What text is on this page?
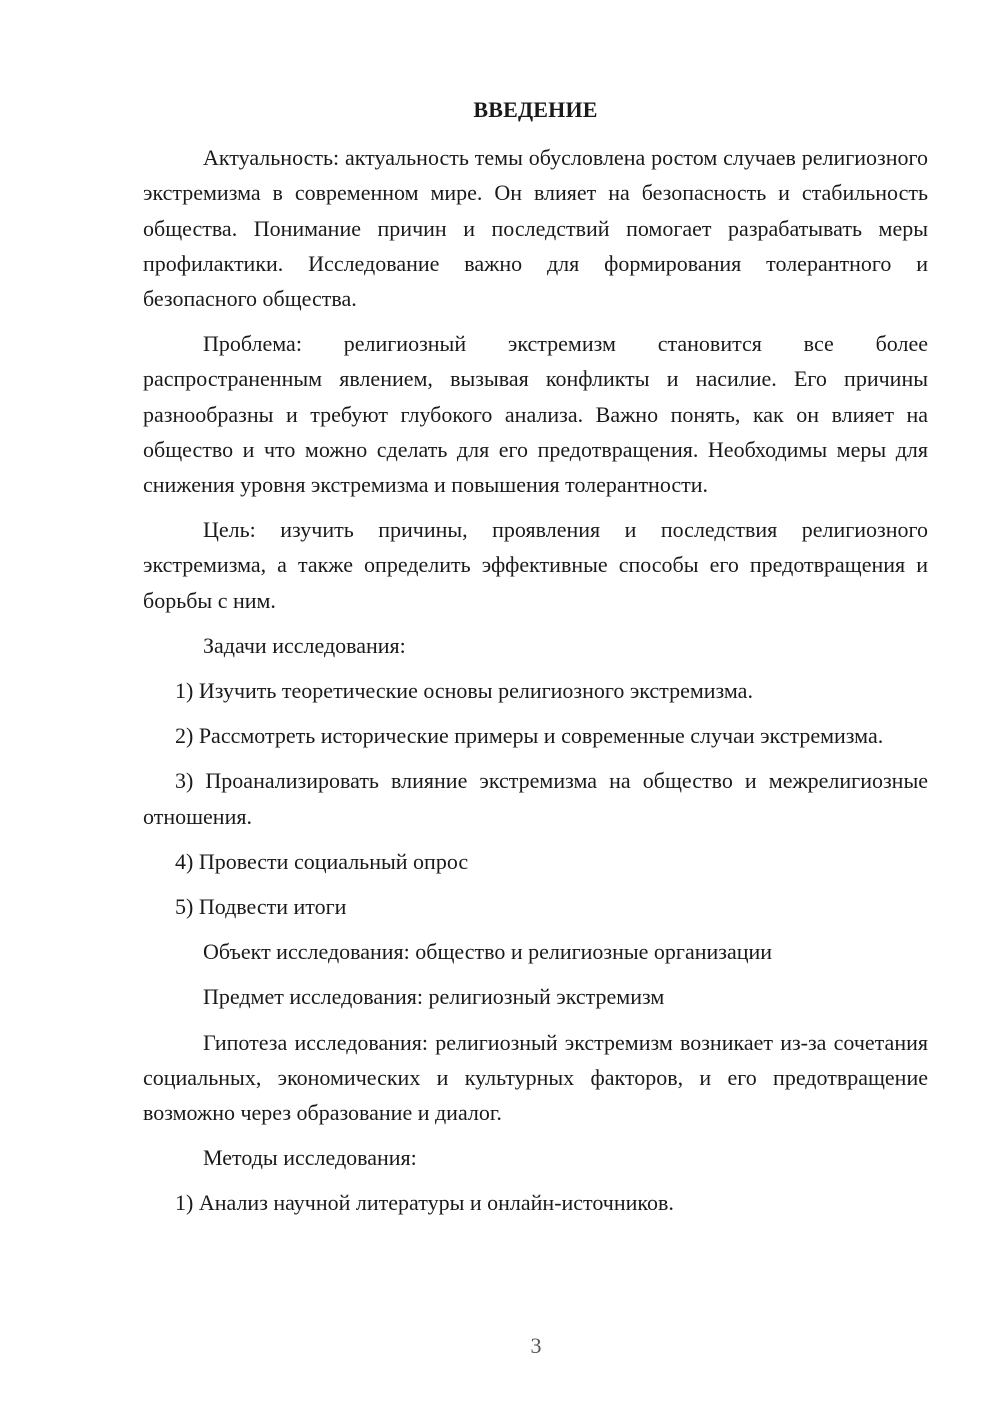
ВВЕДЕНИЕ

Актуальность: актуальность темы обусловлена ростом случаев религиозного экстремизма в современном мире. Он влияет на безопасность и стабильность общества. Понимание причин и последствий помогает разрабатывать меры профилактики. Исследование важно для формирования толерантного и безопасного общества.

Проблема: религиозный экстремизм становится все более распространенным явлением, вызывая конфликты и насилие. Его причины разнообразны и требуют глубокого анализа. Важно понять, как он влияет на общество и что можно сделать для его предотвращения. Необходимы меры для снижения уровня экстремизма и повышения толерантности.

Цель: изучить причины, проявления и последствия религиозного экстремизма, а также определить эффективные способы его предотвращения и борьбы с ним.

Задачи исследования:

1) Изучить теоретические основы религиозного экстремизма.

2) Рассмотреть исторические примеры и современные случаи экстремизма.

3) Проанализировать влияние экстремизма на общество и межрелигиозные отношения.

4) Провести социальный опрос

5) Подвести итоги

Объект исследования: общество и религиозные организации

Предмет исследования: религиозный экстремизм

Гипотеза исследования: религиозный экстремизм возникает из-за сочетания социальных, экономических и культурных факторов, и его предотвращение возможно через образование и диалог.

Методы исследования:

1) Анализ научной литературы и онлайн-источников.

3
